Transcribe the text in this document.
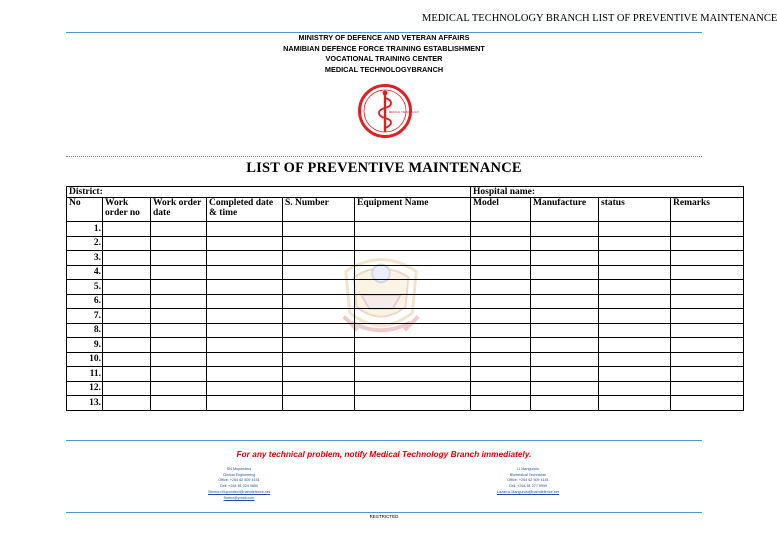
MEDICAL TECHNOLOGY BRANCH LIST OF PREVENTIVE MAINTENANCE
MINISTRY OF DEFENCE AND VETERAN AFFAIRS
NAMIBIAN DEFENCE FORCE TRAINING ESTABLISHMENT
VOCATIONAL TRAINING CENTER
MEDICAL TECHNOLOGYBRANCH
MEDICAL TECHNOLOGY
LIST OF PREVENTIVE MAINTENANCE
District:						Hospital name:			
No	Work order no	Work order date	Completed date & time	S. Number	Equipment Name	Model	Manufacture	status	Remarks
1.									
2.									
3.									
4.									
5.									
6.									
7.									
8.									
9.									
10.									
11.									
12.									
13.									
For any technical problem, notify Medical Technology Branch immediately.
SN Mupondeni
Clinical Engineering
Office: +264 62 509 4151
Cell: +264 81 324 3850
Simeon.Mupondeni@namdefence.net
Smtnz@ymail.com
LI Mangundu
Biomedical Technician
Office: +264 62 509 4151
Cell: +264 81 277 9999
Lazarus.Mangundu@namdefence.net
RESTRICTED
